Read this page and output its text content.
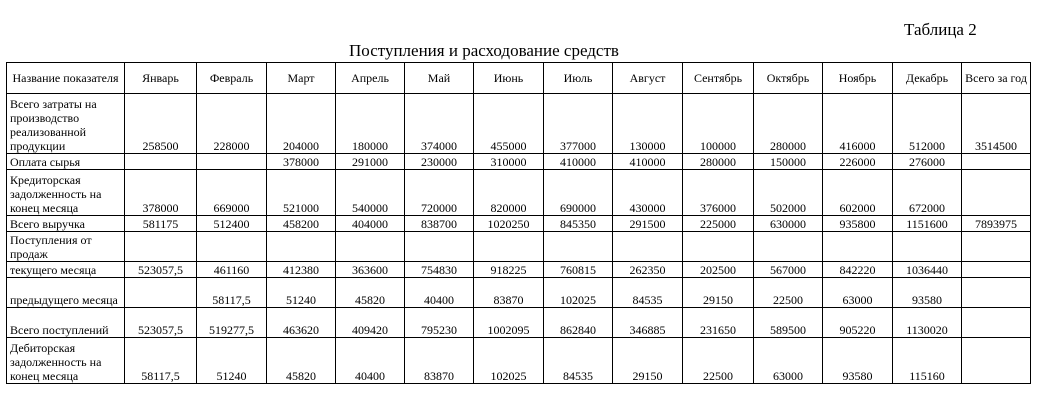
Таблица 2
Поступления и расходование средств
Название показателя	Январь	Февраль	Март	Апрель	Май	Июнь	Июль	Август	Сентябрь	Октябрь	Ноябрь	Декабрь	Всего за год
Всего затраты на производство реализованной продукции	258500	228000	204000	180000	374000	455000	377000	130000	100000	280000	416000	512000	3514500
Оплата сырья			378000	291000	230000	310000	410000	410000	280000	150000	226000	276000	
Кредиторская задолженность на конец месяца	378000	669000	521000	540000	720000	820000	690000	430000	376000	502000	602000	672000	
Всего выручка	581175	512400	458200	404000	838700	1020250	845350	291500	225000	630000	935800	1151600	7893975
Поступления от продаж													
текущего месяца	523057,5	461160	412380	363600	754830	918225	760815	262350	202500	567000	842220	1036440	
предыдущего месяца		58117,5	51240	45820	40400	83870	102025	84535	29150	22500	63000	93580	
Всего поступлений	523057,5	519277,5	463620	409420	795230	1002095	862840	346885	231650	589500	905220	1130020	
Дебиторская задолженность на конец месяца	58117,5	51240	45820	40400	83870	102025	84535	29150	22500	63000	93580	115160	
